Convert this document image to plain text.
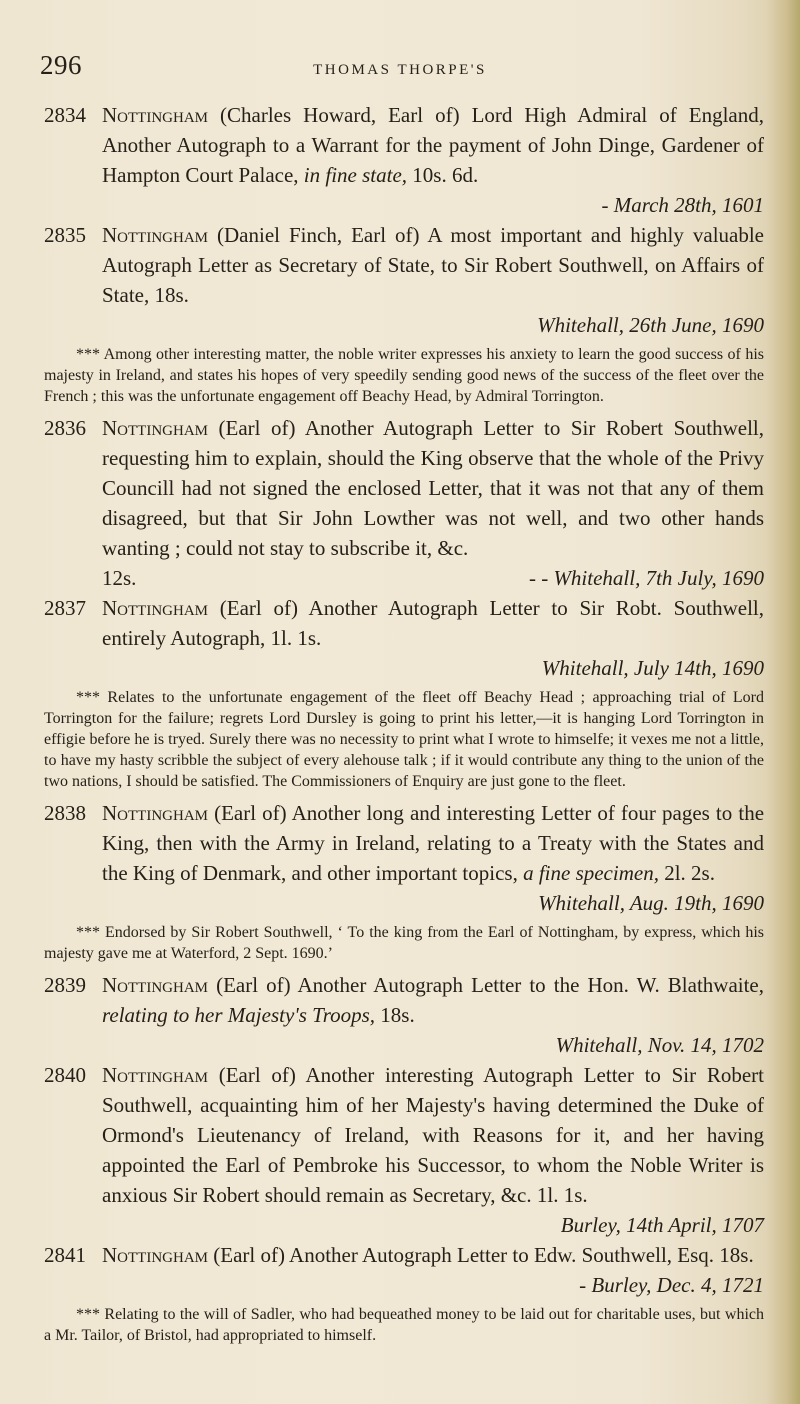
296	THOMAS THORPE'S
2834 Nottingham (Charles Howard, Earl of) Lord High Admiral of England, Another Autograph to a Warrant for the payment of John Dinge, Gardener of Hampton Court Palace, in fine state, 10s. 6d.
- March 28th, 1601
2835 Nottingham (Daniel Finch, Earl of) A most important and highly valuable Autograph Letter as Secretary of State, to Sir Robert Southwell, on Affairs of State, 18s.
Whitehall, 26th June, 1690
*** Among other interesting matter, the noble writer expresses his anxiety to learn the good success of his majesty in Ireland, and states his hopes of very speedily sending good news of the success of the fleet over the French ; this was the unfortunate engagement off Beachy Head, by Admiral Torrington.
2836 Nottingham (Earl of) Another Autograph Letter to Sir Robert Southwell, requesting him to explain, should the King observe that the whole of the Privy Councill had not signed the enclosed Letter, that it was not that any of them disagreed, but that Sir John Lowther was not well, and two other hands wanting ; could not stay to subscribe it, &c.
12s.	- - Whitehall, 7th July, 1690
2837 Nottingham (Earl of) Another Autograph Letter to Sir Robt. Southwell, entirely Autograph, 1l. 1s.
Whitehall, July 14th, 1690
*** Relates to the unfortunate engagement of the fleet off Beachy Head ; approaching trial of Lord Torrington for the failure; regrets Lord Dursley is going to print his letter,—it is hanging Lord Torrington in effigie before he is tryed. Surely there was no necessity to print what I wrote to himselfe; it vexes me not a little, to have my hasty scribble the subject of every alehouse talk ; if it would contribute any thing to the union of the two nations, I should be satisfied. The Commissioners of Enquiry are just gone to the fleet.
2838 Nottingham (Earl of) Another long and interesting Letter of four pages to the King, then with the Army in Ireland, relating to a Treaty with the States and the King of Denmark, and other important topics, a fine specimen, 2l. 2s.
Whitehall, Aug. 19th, 1690
*** Endorsed by Sir Robert Southwell, ‘ To the king from the Earl of Nottingham, by express, which his majesty gave me at Waterford, 2 Sept. 1690.’
2839 Nottingham (Earl of) Another Autograph Letter to the Hon. W. Blathwaite, relating to her Majesty's Troops, 18s.
Whitehall, Nov. 14, 1702
2840 Nottingham (Earl of) Another interesting Autograph Letter to Sir Robert Southwell, acquainting him of her Majesty's having determined the Duke of Ormond's Lieutenancy of Ireland, with Reasons for it, and her having appointed the Earl of Pembroke his Successor, to whom the Noble Writer is anxious Sir Robert should remain as Secretary, &c. 1l. 1s.
Burley, 14th April, 1707
2841 Nottingham (Earl of) Another Autograph Letter to Edw. Southwell, Esq. 18s.
- Burley, Dec. 4, 1721
*** Relating to the will of Sadler, who had bequeathed money to be laid out for charitable uses, but which a Mr. Tailor, of Bristol, had appropriated to himself.
